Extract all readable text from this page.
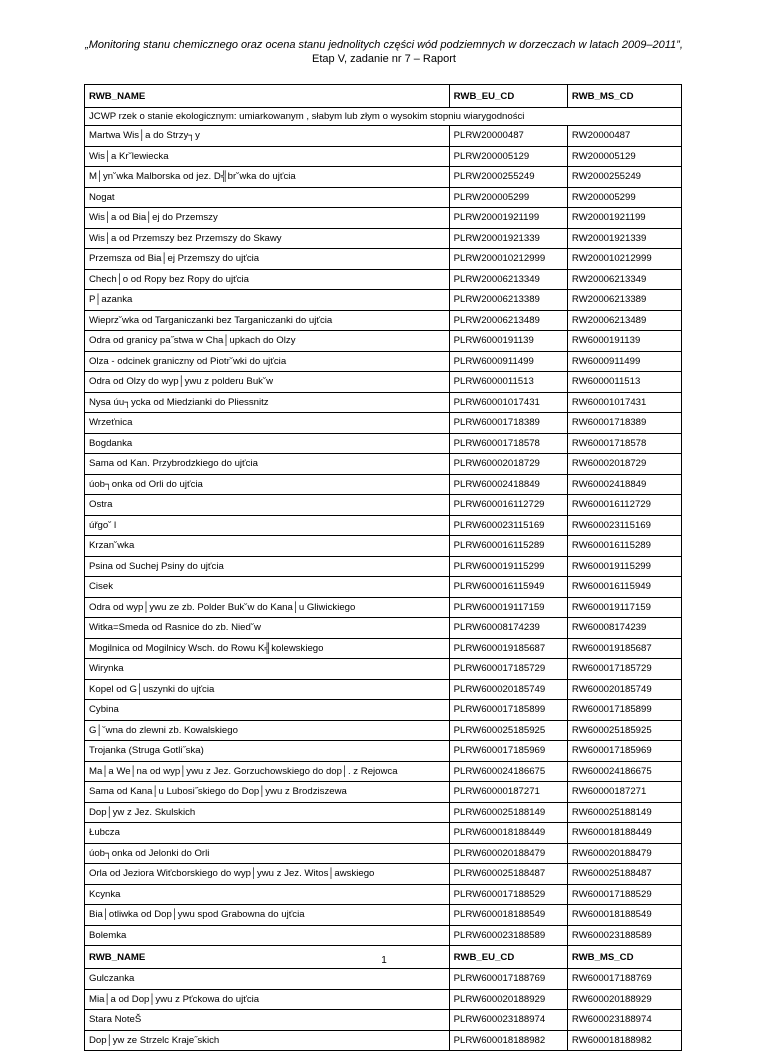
„Monitoring stanu chemicznego oraz ocena stanu jednolitych części wód podziemnych w dorzeczach w latach 2009–2011”,
Etap V, zadanie nr 7 – Raport
RWB_NAME	RWB_EU_CD	RWB_MS_CD
JCWP rzek o stanie ekologicznym: umiarkowanym , słabym lub złym o wysokim stopniu wiarygodności		
Martwa Wis│a do Strzy┐y	PLRW20000487	RW20000487
Wis│a Kr˘lewiecka	PLRW200005129	RW200005129
M│yn˘wka Malborska od jez. D╣br˘wka do ujťcia	PLRW2000255249	RW2000255249
Nogat	PLRW200005299	RW200005299
Wis│a od Bia│ej do Przemszy	PLRW20001921199	RW20001921199
Wis│a od Przemszy bez Przemszy do Skawy	PLRW20001921339	RW20001921339
Przemsza od Bia│ej Przemszy do ujťcia	PLRW200010212999	RW200010212999
Chech│o od Ropy bez Ropy do ujťcia	PLRW20006213349	RW20006213349
P│azanka	PLRW20006213389	RW20006213389
Wieprz˘wka od Targaniczanki bez Targaniczanki do ujťcia	PLRW20006213489	RW20006213489
Odra od granicy pa˝stwa w Cha│upkach do Olzy	PLRW6000191139	RW6000191139
Olza - odcinek graniczny od Piotr˘wki do ujťcia	PLRW6000911499	RW6000911499
Odra od Olzy do wyp│ywu z polderu Buk˘w	PLRW6000011513	RW6000011513
Nysa úu┐ycka od Miedzianki do Pliessnitz	PLRW60001017431	RW60001017431
Wrzeťnica	PLRW60001718389	RW60001718389
Bogdanka	PLRW60001718578	RW60001718578
Sama od Kan. Przybrodzkiego do ujťcia	PLRW60002018729	RW60002018729
úob┐onka od Orli do ujťcia	PLRW60002418849	RW60002418849
Ostra	PLRW600016112729	RW600016112729
úřgo˘ l	PLRW600023115169	RW600023115169
Krzan˘wka	PLRW600016115289	RW600016115289
Psina od Suchej Psiny do ujťcia	PLRW600019115299	RW600019115299
Cisek	PLRW600016115949	RW600016115949
Odra od wyp│ywu ze zb. Polder Buk˘w do Kana│u Gliwickiego	PLRW600019117159	RW600019117159
Witka=Smeda od Rasnice do zb. Nied˘w	PLRW60008174239	RW60008174239
Mogilnica od Mogilnicy Wsch. do Rowu K╣kolewskiego	PLRW600019185687	RW600019185687
Wirynka	PLRW600017185729	RW600017185729
Kopel od G│uszynki do ujťcia	PLRW600020185749	RW600020185749
Cybina	PLRW600017185899	RW600017185899
G│˘wna do zlewni zb. Kowalskiego	PLRW600025185925	RW600025185925
Trojanka (Struga Gotli˝ska)	PLRW600017185969	RW600017185969
Ma│a We│na od wyp│ywu z Jez. Gorzuchowskiego do dop│. z Rejowca	PLRW600024186675	RW600024186675
Sama od Kana│u Lubosi˝skiego do Dop│ywu z Brodziszewa	PLRW60000187271	RW60000187271
Dop│yw z Jez. Skulskich	PLRW600025188149	RW600025188149
Łubcza	PLRW600018188449	RW600018188449
úob┐onka od Jelonki do Orli	PLRW600020188479	RW600020188479
Orla od Jeziora Wiťcborskiego do wyp│ywu z Jez. Witos│awskiego	PLRW600025188487	RW600025188487
Kcynka	PLRW600017188529	RW600017188529
Bia│otliwka od Dop│ywu spod Grabowna do ujťcia	PLRW600018188549	RW600018188549
Bolemka	PLRW600023188589	RW600023188589
RWB_NAME	RWB_EU_CD	RWB_MS_CD
Gulczanka	PLRW600017188769	RW600017188769
Mia│a od Dop│ywu z Pťckowa do ujťcia	PLRW600020188929	RW600020188929
Stara NoteŠ	PLRW600023188974	RW600023188974
Dop│yw ze Strzelc Kraje˝skich	PLRW600018188982	RW600018188982
1
